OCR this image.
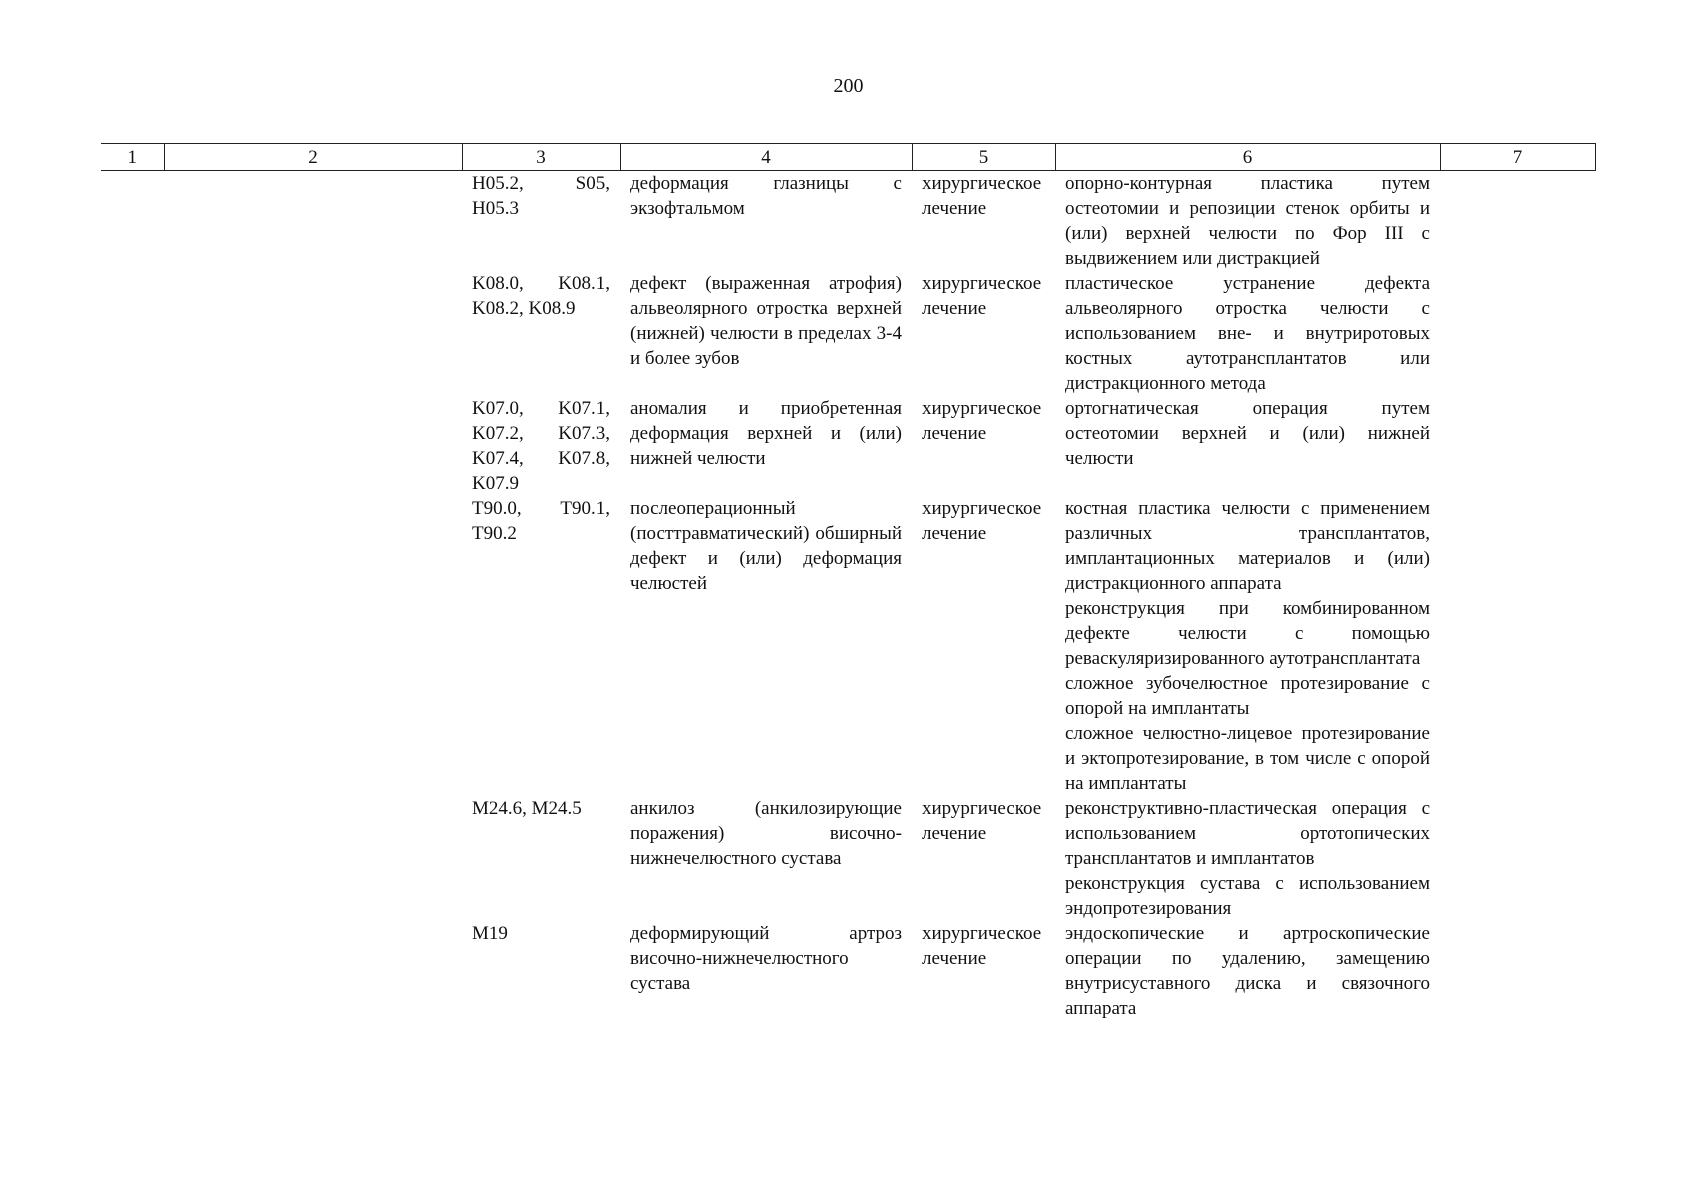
200
1	2	3	4	5	6	7
		H05.2, S05, H05.3	деформация глазницы с экзофтальмом	хирургическое лечение	опорно-контурная пластика путем остеотомии и репозиции стенок орбиты и (или) верхней челюсти по Фор III с выдвижением или дистракцией	

		K08.0, K08.1, K08.2, K08.9	дефект (выраженная атрофия) альвеолярного отростка верхней (нижней) челюсти в пределах 3-4 и более зубов	хирургическое лечение	пластическое устранение дефекта альвеолярного отростка челюсти с использованием вне- и внутриротовых костных аутотрансплантатов или дистракционного метода	

		K07.0, K07.1, K07.2, K07.3, K07.4, K07.8, K07.9	аномалия и приобретенная деформация верхней и (или) нижней челюсти	хирургическое лечение	ортогнатическая операция путем остеотомии верхней и (или) нижней челюсти	

		T90.0, T90.1, T90.2	послеоперационный (посттравматический) обширный дефект и (или) деформация челюстей	хирургическое лечение	костная пластика челюсти с применением различных трансплантатов, имплантационных материалов и (или) дистракционного аппарата
реконструкция при комбинированном дефекте челюсти с помощью реваскуляризированного аутотрансплантата
сложное зубочелюстное протезирование с опорой на имплантаты
сложное челюстно-лицевое протезирование и эктопротезирование, в том числе с опорой на имплантаты	

		M24.6, M24.5	анкилоз (анкилозирующие поражения) височно-нижнечелюстного сустава	хирургическое лечение	реконструктивно-пластическая операция с использованием ортотопических трансплантатов и имплантатов
реконструкция сустава с использованием эндопротезирования	

		M19	деформирующий артроз височно-нижнечелюстного сустава	хирургическое лечение	эндоскопические и артроскопические операции по удалению, замещению внутрисуставного диска и связочного аппарата	
